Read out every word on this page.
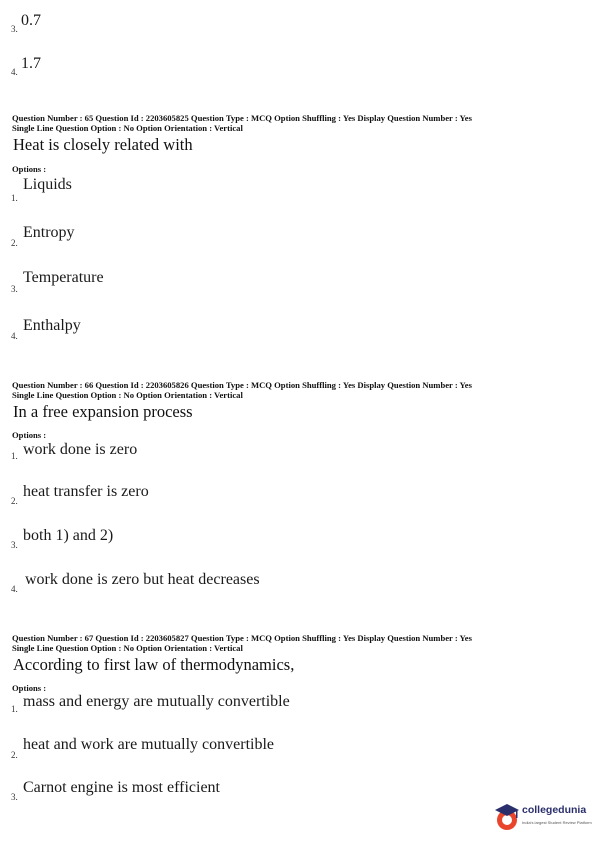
3. 0.7
4. 1.7
Question Number : 65 Question Id : 2203605825 Question Type : MCQ Option Shuffling : Yes Display Question Number : Yes
Single Line Question Option : No Option Orientation : Vertical
Heat is closely related with
Options :
1.
Liquids
2.
Entropy
3.
Temperature
4.
Enthalpy
Question Number : 66 Question Id : 2203605826 Question Type : MCQ Option Shuffling : Yes Display Question Number : Yes
Single Line Question Option : No Option Orientation : Vertical
In a free expansion process
Options :
1. work done is zero
2.
heat transfer is zero
3.
both 1) and 2)
4.
work done is zero but heat decreases
Question Number : 67 Question Id : 2203605827 Question Type : MCQ Option Shuffling : Yes Display Question Number : Yes
Single Line Question Option : No Option Orientation : Vertical
According to first law of thermodynamics,
Options :
1. mass and energy are mutually convertible
2.
heat and work are mutually convertible
3.
Carnot engine is most efficient
collegedunia
India's largest Student Review Platform
